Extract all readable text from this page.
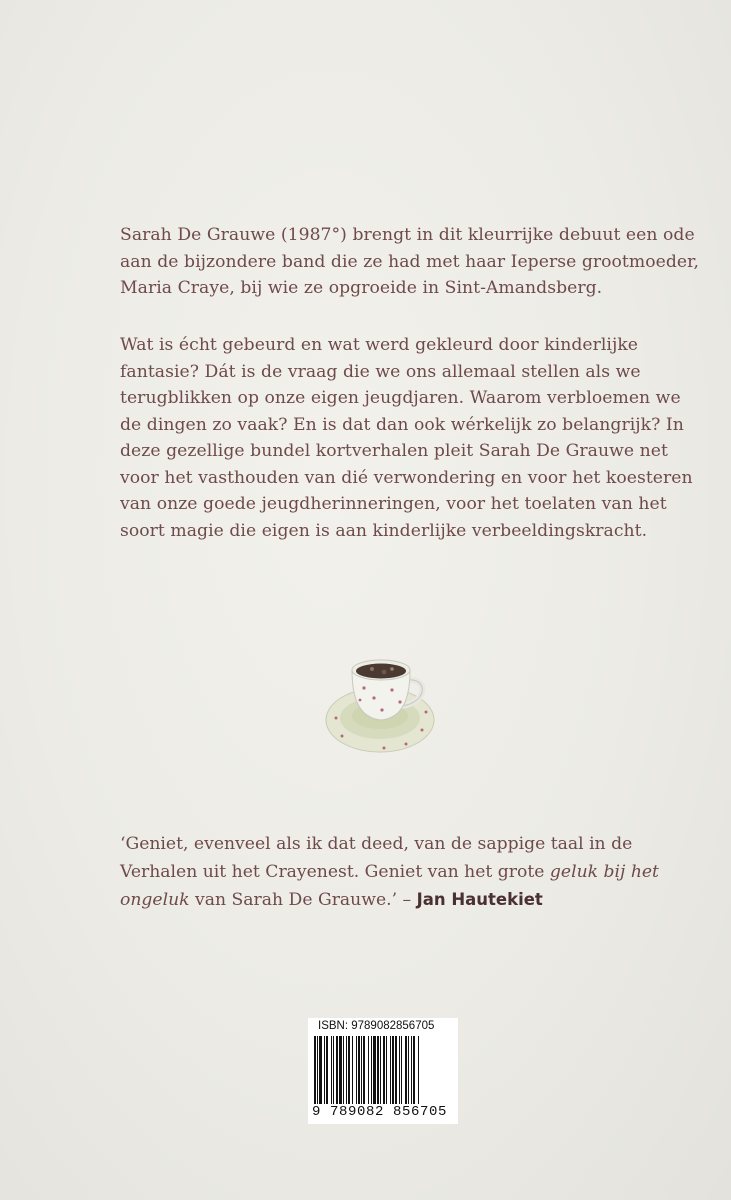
Sarah De Grauwe (1987°) brengt in dit kleurrijke debuut een ode
aan de bijzondere band die ze had met haar Ieperse grootmoeder,
Maria Craye, bij wie ze opgroeide in Sint-Amandsberg.
Wat is écht gebeurd en wat werd gekleurd door kinderlijke
fantasie? Dát is de vraag die we ons allemaal stellen als we
terugblikken op onze eigen jeugdjaren. Waarom verbloemen we
de dingen zo vaak? En is dat dan ook wérkelijk zo belangrijk? In
deze gezellige bundel kortverhalen pleit Sarah De Grauwe net
voor het vasthouden van dié verwondering en voor het koesteren
van onze goede jeugdherinneringen, voor het toelaten van het
soort magie die eigen is aan kinderlijke verbeeldingskracht.
‘Geniet, evenveel als ik dat deed, van de sappige taal in de
Verhalen uit het Crayenest. Geniet van het grote geluk bij het
ongeluk van Sarah De Grauwe.’ – Jan Hautekiet
ISBN: 9789082856705
9 789082 856705
